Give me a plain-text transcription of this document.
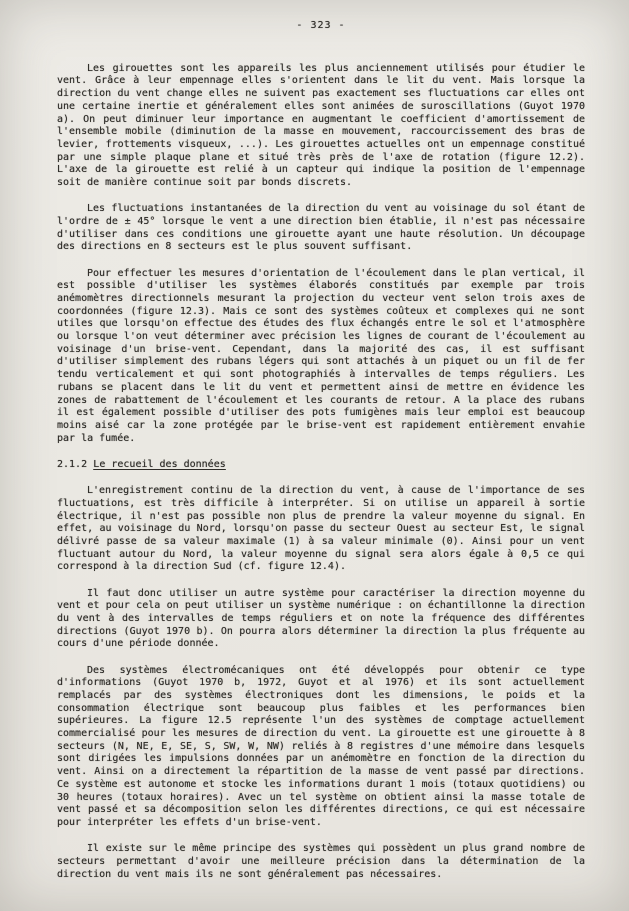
- 323 -

Les girouettes sont les appareils les plus anciennement utilisés pour étudier le vent. Grâce à leur empennage elles s'orientent dans le lit du vent. Mais lorsque la direction du vent change elles ne suivent pas exactement ses fluctuations car elles ont une certaine inertie et généralement elles sont animées de suroscillations (Guyot 1970 a). On peut diminuer leur importance en augmentant le coefficient d'amortissement de l'ensemble mobile (diminution de la masse en mouvement, raccourcissement des bras de levier, frottements visqueux, ...). Les girouettes actuelles ont un empennage constitué par une simple plaque plane et situé très près de l'axe de rotation (figure 12.2). L'axe de la girouette est relié à un capteur qui indique la position de l'empennage soit de manière continue soit par bonds discrets.

Les fluctuations instantanées de la direction du vent au voisinage du sol étant de l'ordre de ± 45° lorsque le vent a une direction bien établie, il n'est pas nécessaire d'utiliser dans ces conditions une girouette ayant une haute résolution. Un découpage des directions en 8 secteurs est le plus souvent suffisant.

Pour effectuer les mesures d'orientation de l'écoulement dans le plan vertical, il est possible d'utiliser les systèmes élaborés constitués par exemple par trois anémomètres directionnels mesurant la projection du vecteur vent selon trois axes de coordonnées (figure 12.3). Mais ce sont des systèmes coûteux et complexes qui ne sont utiles que lorsqu'on effectue des études des flux échangés entre le sol et l'atmosphère ou lorsque l'on veut déterminer avec précision les lignes de courant de l'écoulement au voisinage d'un brise-vent. Cependant, dans la majorité des cas, il est suffisant d'utiliser simplement des rubans légers qui sont attachés à un piquet ou un fil de fer tendu verticalement et qui sont photographiés à intervalles de temps réguliers. Les rubans se placent dans le lit du vent et permettent ainsi de mettre en évidence les zones de rabattement de l'écoulement et les courants de retour. A la place des rubans il est également possible d'utiliser des pots fumigènes mais leur emploi est beaucoup moins aisé car la zone protégée par le brise-vent est rapidement entièrement envahie par la fumée.

2.1.2 Le recueil des données

L'enregistrement continu de la direction du vent, à cause de l'importance de ses fluctuations, est très difficile à interpréter. Si on utilise un appareil à sortie électrique, il n'est pas possible non plus de prendre la valeur moyenne du signal. En effet, au voisinage du Nord, lorsqu'on passe du secteur Ouest au secteur Est, le signal délivré passe de sa valeur maximale (1) à sa valeur minimale (0). Ainsi pour un vent fluctuant autour du Nord, la valeur moyenne du signal sera alors égale à 0,5 ce qui correspond à la direction Sud (cf. figure 12.4).

Il faut donc utiliser un autre système pour caractériser la direction moyenne du vent et pour cela on peut utiliser un système numérique : on échantillonne la direction du vent à des intervalles de temps réguliers et on note la fréquence des différentes directions (Guyot 1970 b). On pourra alors déterminer la direction la plus fréquente au cours d'une période donnée.

Des systèmes électromécaniques ont été développés pour obtenir ce type d'informations (Guyot 1970 b, 1972, Guyot et al 1976) et ils sont actuellement remplacés par des systèmes électroniques dont les dimensions, le poids et la consommation électrique sont beaucoup plus faibles et les performances bien supérieures. La figure 12.5 représente l'un des systèmes de comptage actuellement commercialisé pour les mesures de direction du vent. La girouette est une girouette à 8 secteurs (N, NE, E, SE, S, SW, W, NW) reliés à 8 registres d'une mémoire dans lesquels sont dirigées les impulsions données par un anémomètre en fonction de la direction du vent. Ainsi on a directement la répartition de la masse de vent passé par directions. Ce système est autonome et stocke les informations durant 1 mois (totaux quotidiens) ou 30 heures (totaux horaires). Avec un tel système on obtient ainsi la masse totale de vent passé et sa décomposition selon les différentes directions, ce qui est nécessaire pour interpréter les effets d'un brise-vent.

Il existe sur le même principe des systèmes qui possèdent un plus grand nombre de secteurs permettant d'avoir une meilleure précision dans la détermination de la direction du vent mais ils ne sont généralement pas nécessaires.
